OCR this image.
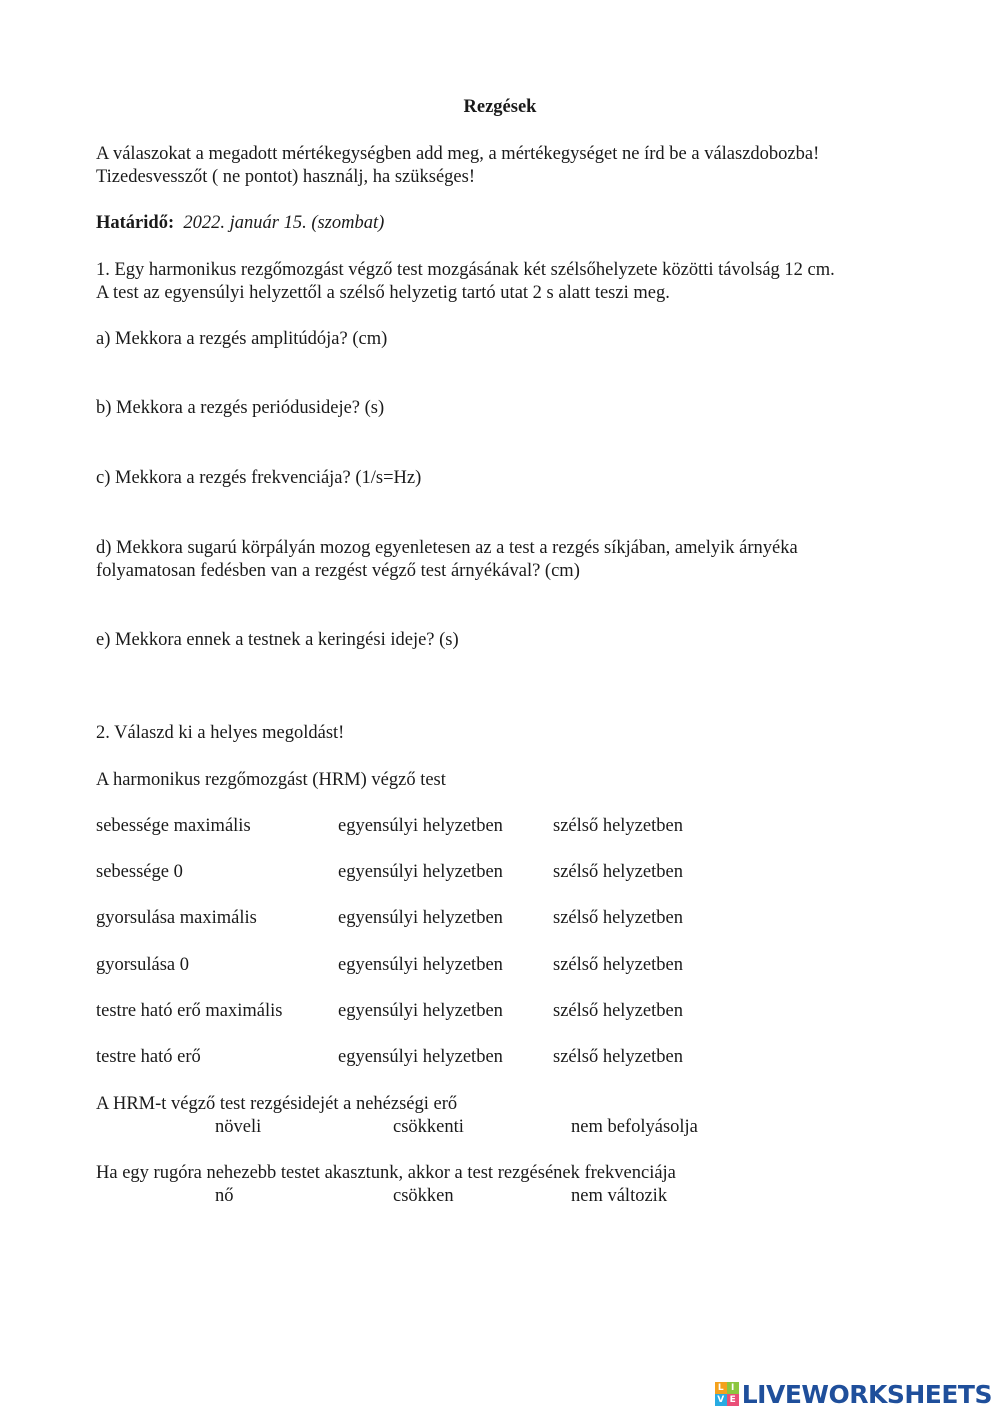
Rezgések
A válaszokat a megadott mértékegységben add meg, a mértékegységet ne írd be a válaszdobozba!
Tizedesvesszőt ( ne pontot) használj, ha szükséges!
Határidő: 2022. január 15. (szombat)
1. Egy harmonikus rezgőmozgást végző test mozgásának két szélsőhelyzete közötti távolság 12 cm.
A test az egyensúlyi helyzettől a szélső helyzetig tartó utat 2 s alatt teszi meg.
a) Mekkora a rezgés amplitúdója? (cm)
b) Mekkora a rezgés periódusideje? (s)
c) Mekkora a rezgés frekvenciája? (1/s=Hz)
d) Mekkora sugarú körpályán mozog egyenletesen az a test a rezgés síkjában, amelyik árnyéka
folyamatosan fedésben van a rezgést végző test árnyékával? (cm)
e) Mekkora ennek a testnek a keringési ideje? (s)
2. Válaszd ki a helyes megoldást!
A harmonikus rezgőmozgást (HRM) végző test
sebessége maximális	egyensúlyi helyzetben	szélső helyzetben
sebessége 0	egyensúlyi helyzetben	szélső helyzetben
gyorsulása maximális	egyensúlyi helyzetben	szélső helyzetben
gyorsulása 0	egyensúlyi helyzetben	szélső helyzetben
testre ható erő maximális	egyensúlyi helyzetben	szélső helyzetben
testre ható erő	egyensúlyi helyzetben	szélső helyzetben
A HRM-t végző test rezgésidejét a nehézségi erő
növeli	csökkenti	nem befolyásolja
Ha egy rugóra nehezebb testet akasztunk, akkor a test rezgésének frekvenciája
nő	csökken	nem változik
L I
V E LIVEWORKSHEETS
